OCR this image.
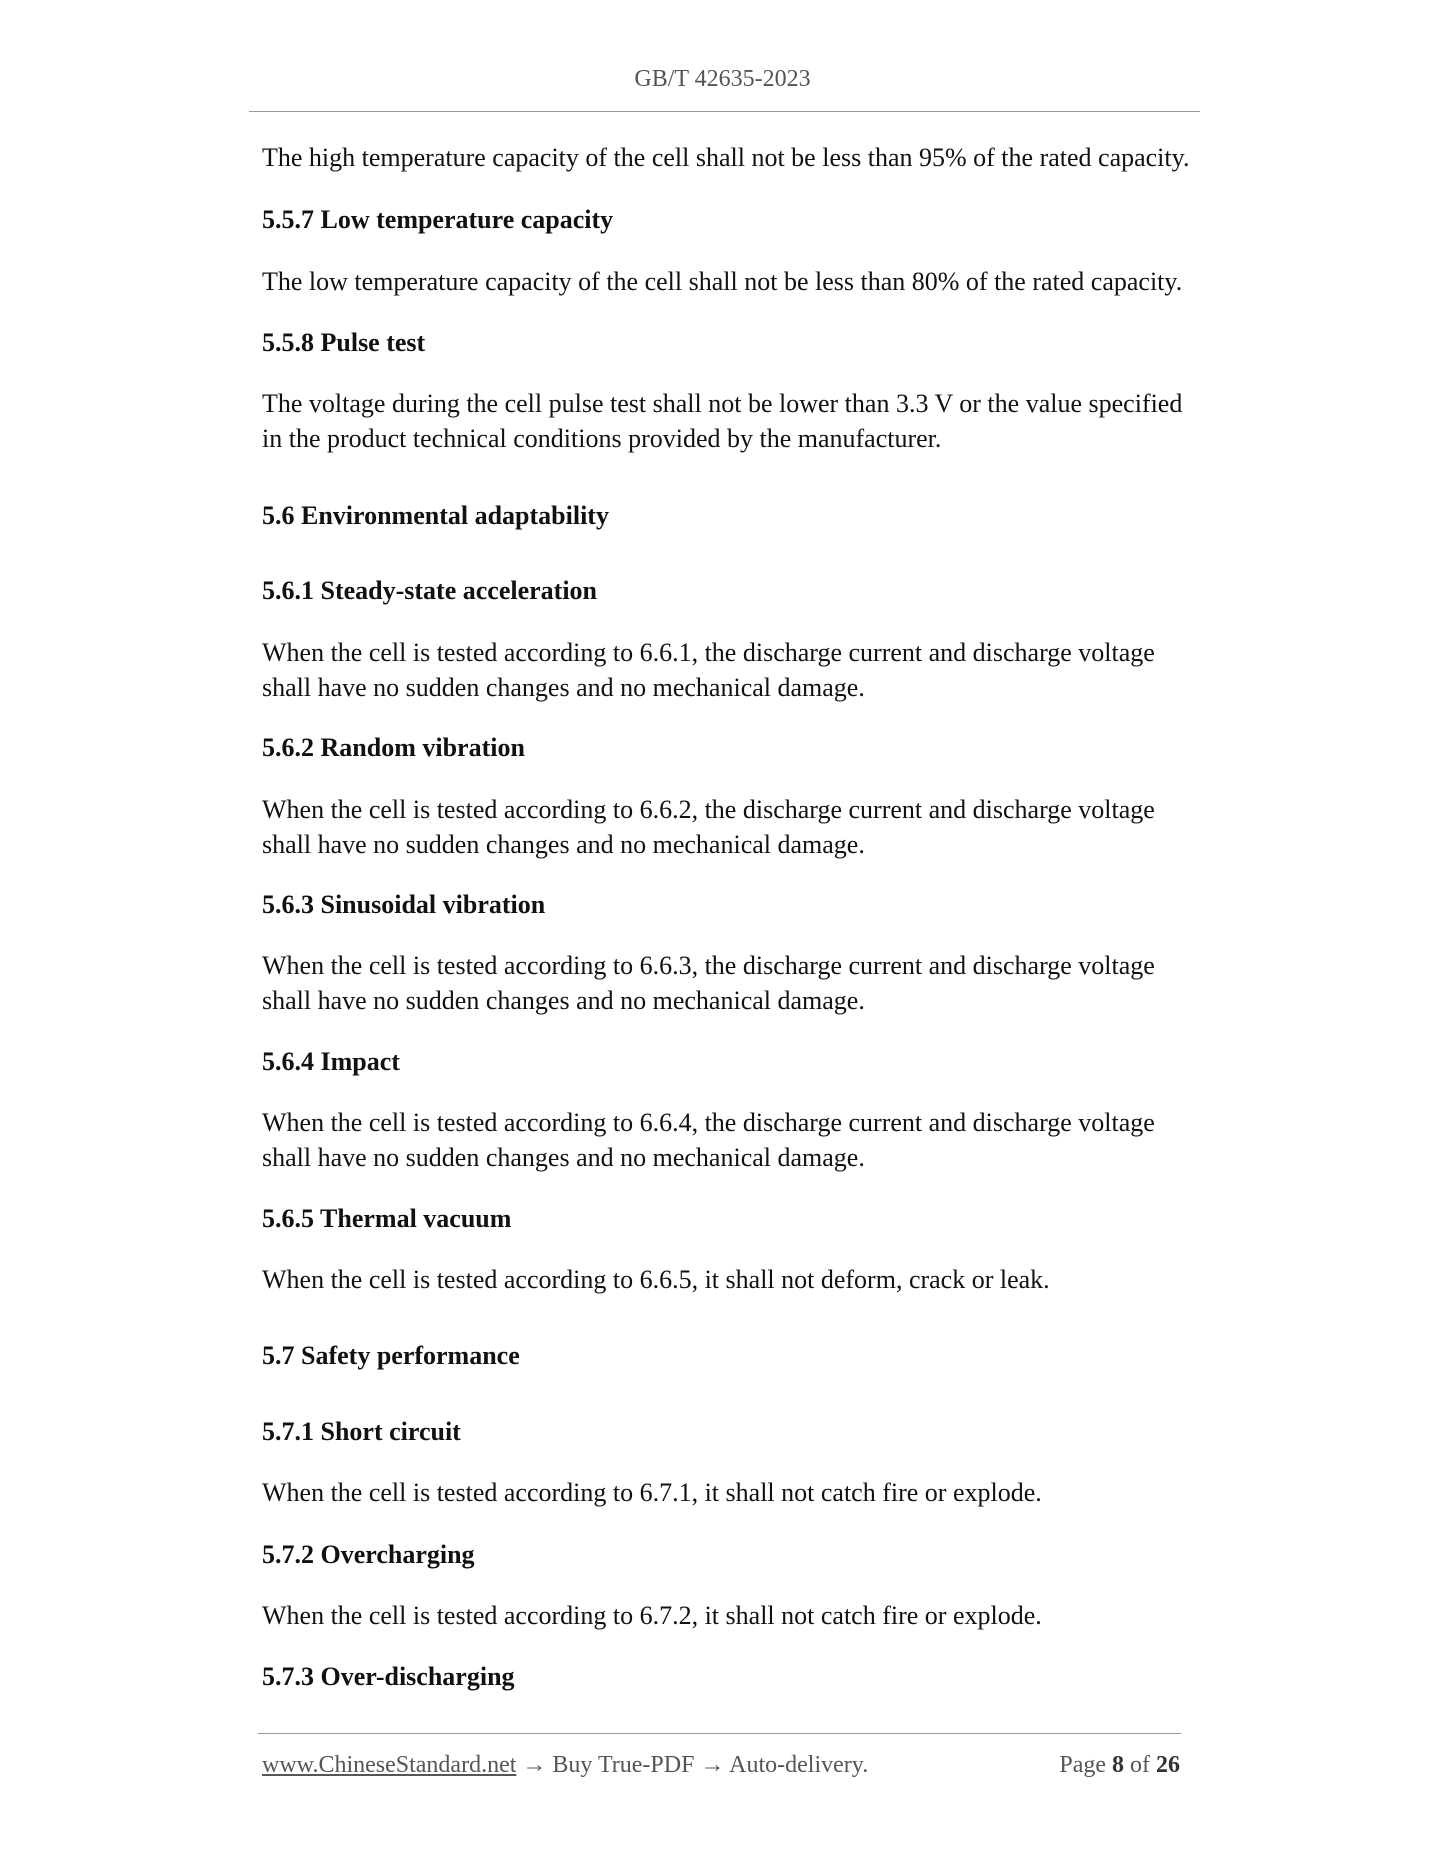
GB/T 42635-2023

The high temperature capacity of the cell shall not be less than 95% of the rated capacity.

5.5.7 Low temperature capacity

The low temperature capacity of the cell shall not be less than 80% of the rated capacity.

5.5.8 Pulse test

The voltage during the cell pulse test shall not be lower than 3.3 V or the value specified in the product technical conditions provided by the manufacturer.

5.6 Environmental adaptability

5.6.1 Steady-state acceleration

When the cell is tested according to 6.6.1, the discharge current and discharge voltage shall have no sudden changes and no mechanical damage.

5.6.2 Random vibration

When the cell is tested according to 6.6.2, the discharge current and discharge voltage shall have no sudden changes and no mechanical damage.

5.6.3 Sinusoidal vibration

When the cell is tested according to 6.6.3, the discharge current and discharge voltage shall have no sudden changes and no mechanical damage.

5.6.4 Impact

When the cell is tested according to 6.6.4, the discharge current and discharge voltage shall have no sudden changes and no mechanical damage.

5.6.5 Thermal vacuum

When the cell is tested according to 6.6.5, it shall not deform, crack or leak.

5.7 Safety performance

5.7.1 Short circuit

When the cell is tested according to 6.7.1, it shall not catch fire or explode.

5.7.2 Overcharging

When the cell is tested according to 6.7.2, it shall not catch fire or explode.

5.7.3 Over-discharging

www.ChineseStandard.net → Buy True-PDF → Auto-delivery.	Page 8 of 26
